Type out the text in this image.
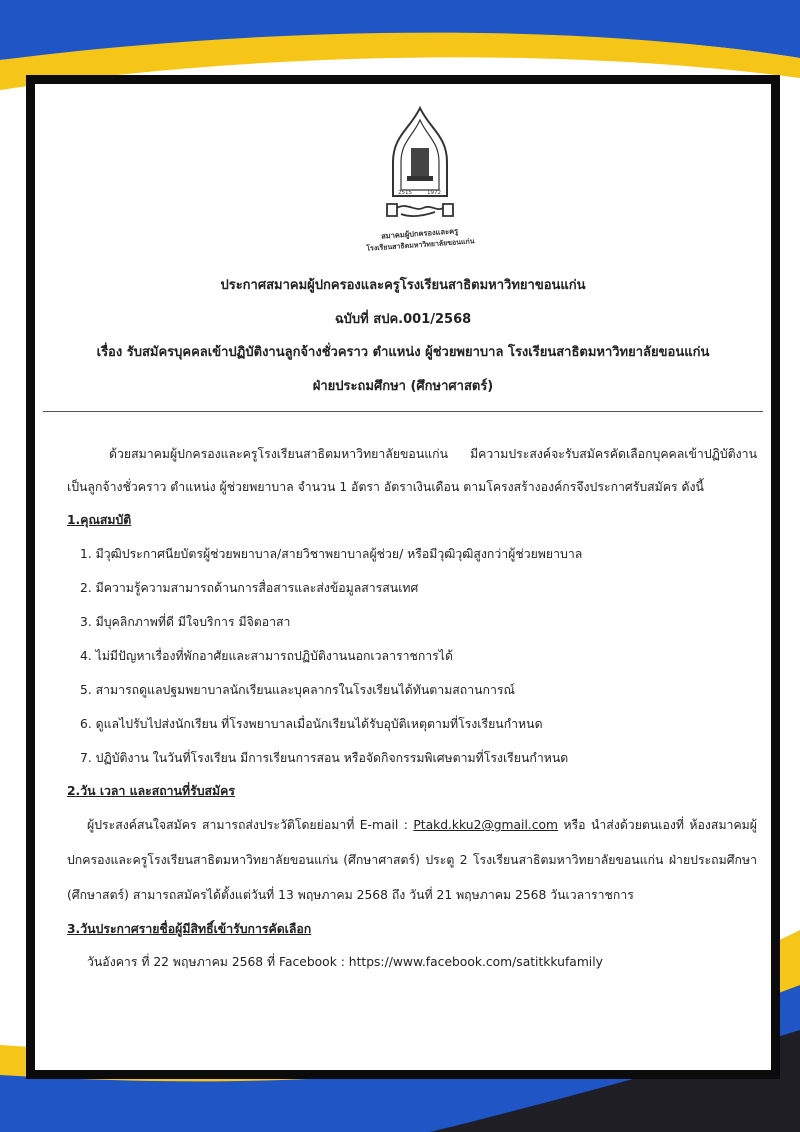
2515	1972
สมาคมผู้ปกครองและครู
โรงเรียนสาธิตมหาวิทยาลัยขอนแก่น
ประกาศสมาคมผู้ปกครองและครูโรงเรียนสาธิตมหาวิทยาขอนแก่น
ฉบับที่ สปค.001/2568
เรื่อง รับสมัครบุคคลเข้าปฏิบัติงานลูกจ้างชั่วคราว ตำแหน่ง ผู้ช่วยพยาบาล โรงเรียนสาธิตมหาวิทยาลัยขอนแก่น
ฝ่ายประถมศึกษา (ศึกษาศาสตร์)

ด้วยสมาคมผู้ปกครองและครูโรงเรียนสาธิตมหาวิทยาลัยขอนแก่น มีความประสงค์จะรับสมัครคัดเลือกบุคคลเข้าปฏิบัติงานเป็นลูกจ้างชั่วคราว ตำแหน่ง ผู้ช่วยพยาบาล จำนวน 1 อัตรา อัตราเงินเดือน ตามโครงสร้างองค์กรจึงประกาศรับสมัคร ดังนี้

1.คุณสมบัติ

1. มีวุฒิประกาศนียบัตรผู้ช่วยพยาบาล/สายวิชาพยาบาลผู้ช่วย/ หรือมีวุฒิวุฒิสูงกว่าผู้ช่วยพยาบาล
2. มีความรู้ความสามารถด้านการสื่อสารและส่งข้อมูลสารสนเทศ
3. มีบุคลิกภาพที่ดี มีใจบริการ มีจิตอาสา
4. ไม่มีปัญหาเรื่องที่พักอาศัยและสามารถปฏิบัติงานนอกเวลาราชการได้
5. สามารถดูแลปฐมพยาบาลนักเรียนและบุคลากรในโรงเรียนได้ทันตามสถานการณ์
6. ดูแลไปรับไปส่งนักเรียน ที่โรงพยาบาลเมื่อนักเรียนได้รับอุบัติเหตุตามที่โรงเรียนกำหนด
7. ปฏิบัติงาน ในวันที่โรงเรียน มีการเรียนการสอน หรือจัดกิจกรรมพิเศษตามที่โรงเรียนกำหนด

2.วัน เวลา และสถานที่รับสมัคร

ผู้ประสงค์สนใจสมัคร สามารถส่งประวัติโดยย่อมาที่ E-mail : Ptakd.kku2@gmail.com หรือ นำส่งด้วยตนเองที่ ห้องสมาคมผู้ปกครองและครูโรงเรียนสาธิตมหาวิทยาลัยขอนแก่น (ศึกษาศาสตร์) ประตู 2 โรงเรียนสาธิตมหาวิทยาลัยขอนแก่น ฝ่ายประถมศึกษา (ศึกษาสตร์) สามารถสมัครได้ตั้งแต่วันที่ 13 พฤษภาคม 2568 ถึง วันที่ 21 พฤษภาคม 2568 วันเวลาราชการ

3.วันประกาศรายชื่อผู้มีสิทธิ์เข้ารับการคัดเลือก

วันอังคาร ที่ 22 พฤษภาคม 2568 ที่ Facebook : https://www.facebook.com/satitkkufamily
